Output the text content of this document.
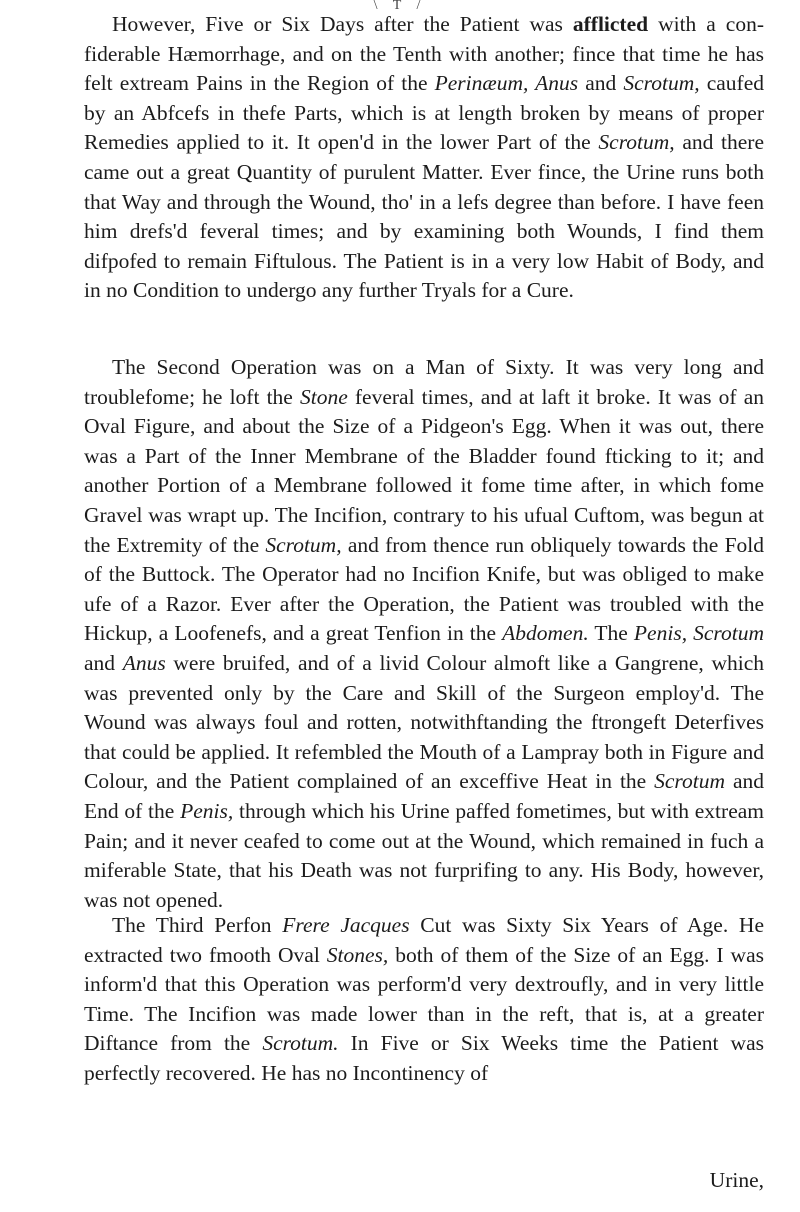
\ T /

However, Five or Six Days after the Patient was afflicted with a confiderable Hæmorrhage, and on the Tenth with another; fince that time he has felt extream Pains in the Region of the Perinæum, Anus and Scrotum, caufed by an Abfcefs in thefe Parts, which is at length broken by means of proper Remedies applied to it. It open'd in the lower Part of the Scrotum, and there came out a great Quantity of purulent Matter. Ever fince, the Urine runs both that Way and through the Wound, tho' in a lefs degree than before. I have feen him drefs'd feveral times; and by examining both Wounds, I find them difpofed to remain Fiftulous. The Patient is in a very low Habit of Body, and in no Condition to undergo any further Tryals for a Cure.

The Second Operation was on a Man of Sixty. It was very long and troublefome; he loft the Stone feveral times, and at laft it broke. It was of an Oval Figure, and about the Size of a Pidgeon's Egg. When it was out, there was a Part of the Inner Membrane of the Bladder found fticking to it; and another Portion of a Membrane followed it fome time after, in which fome Gravel was wrapt up. The Incifion, contrary to his ufual Cuftom, was begun at the Extremity of the Scrotum, and from thence run obliquely towards the Fold of the Buttock. The Operator had no Incifion Knife, but was obliged to make ufe of a Razor. Ever after the Operation, the Patient was troubled with the Hickup, a Loofenefs, and a great Tenfion in the Abdomen. The Penis, Scrotum and Anus were bruifed, and of a livid Colour almoft like a Gangrene, which was prevented only by the Care and Skill of the Surgeon employ'd. The Wound was always foul and rotten, notwithftanding the ftrongeft Deterfives that could be applied. It refembled the Mouth of a Lampray both in Figure and Colour, and the Patient complained of an exceffive Heat in the Scrotum and End of the Penis, through which his Urine paffed fometimes, but with extream Pain; and it never ceafed to come out at the Wound, which remained in fuch a miferable State, that his Death was not furprifing to any. His Body, however, was not opened.

The Third Perfon Frere Jacques Cut was Sixty Six Years of Age. He extracted two fmooth Oval Stones, both of them of the Size of an Egg. I was inform'd that this Operation was perform'd very dextroufly, and in very little Time. The Incifion was made lower than in the reft, that is, at a greater Diftance from the Scrotum. In Five or Six Weeks time the Patient was perfectly recovered. He has no Incontinency of

Urine,
